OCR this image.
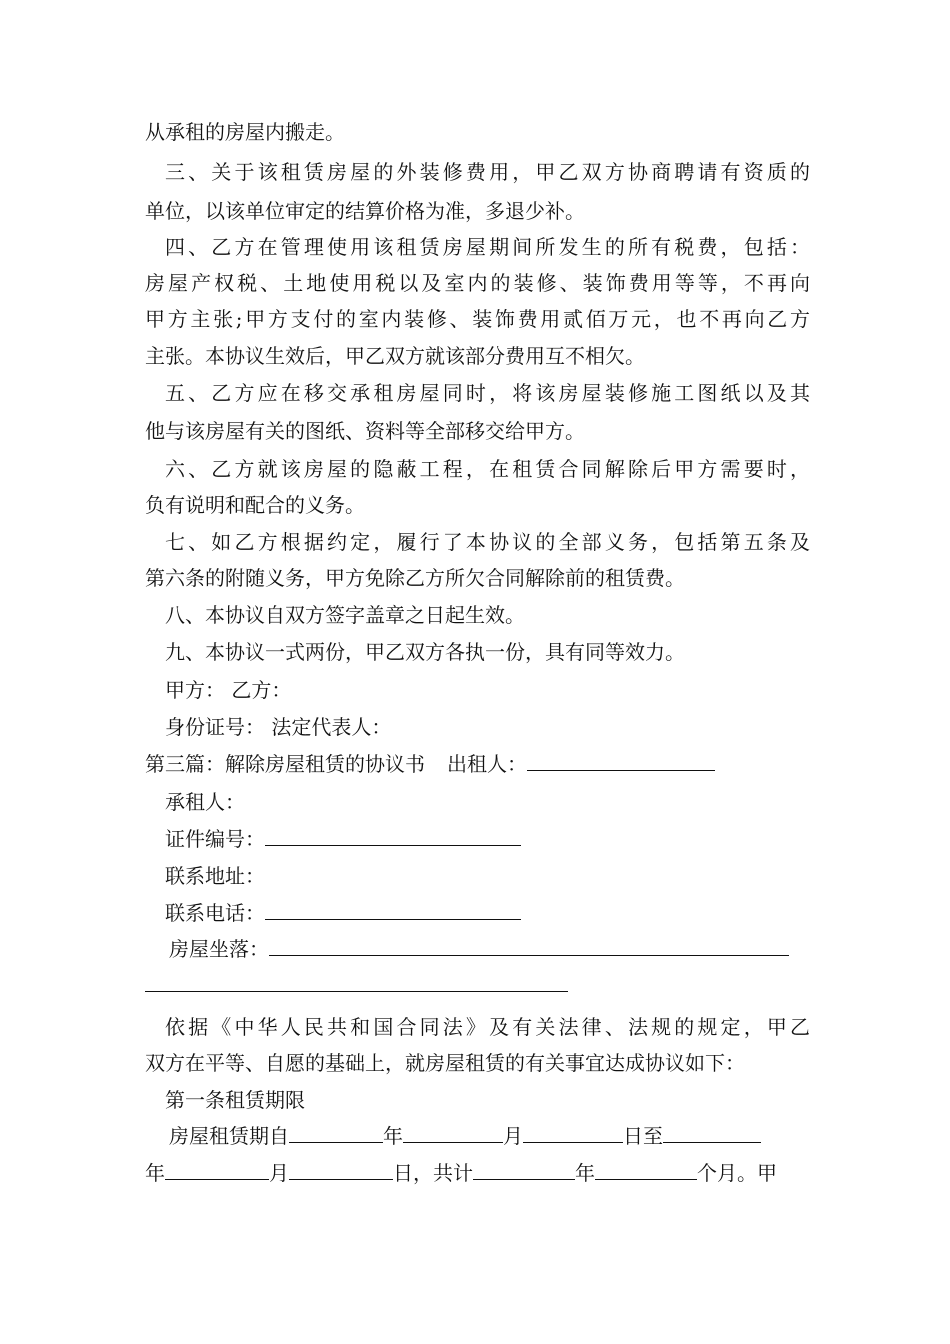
从承租的房屋内搬走。
三、关于该租赁房屋的外装修费用，甲乙双方协商聘请有资质的
单位，以该单位审定的结算价格为准，多退少补。
四、乙方在管理使用该租赁房屋期间所发生的所有税费，包括：
房屋产权税、土地使用税以及室内的装修、装饰费用等等，不再向
甲方主张;甲方支付的室内装修、装饰费用贰佰万元，也不再向乙方
主张。本协议生效后，甲乙双方就该部分费用互不相欠。
五、乙方应在移交承租房屋同时，将该房屋装修施工图纸以及其
他与该房屋有关的图纸、资料等全部移交给甲方。
六、乙方就该房屋的隐蔽工程，在租赁合同解除后甲方需要时，
负有说明和配合的义务。
七、如乙方根据约定，履行了本协议的全部义务，包括第五条及
第六条的附随义务，甲方免除乙方所欠合同解除前的租赁费。
八、本协议自双方签字盖章之日起生效。
九、本协议一式两份，甲乙双方各执一份，具有同等效力。
甲方： 乙方：
身份证号： 法定代表人：
第三篇：解除房屋租赁的协议书 出租人：
承租人：
证件编号：
联系地址：
联系电话：
房屋坐落：
依据《中华人民共和国合同法》及有关法律、法规的规定，甲乙
双方在平等、自愿的基础上，就房屋租赁的有关事宜达成协议如下：
第一条租赁期限
房屋租赁期自	年	月	日至
年	月	日，共计	年	个月。甲
